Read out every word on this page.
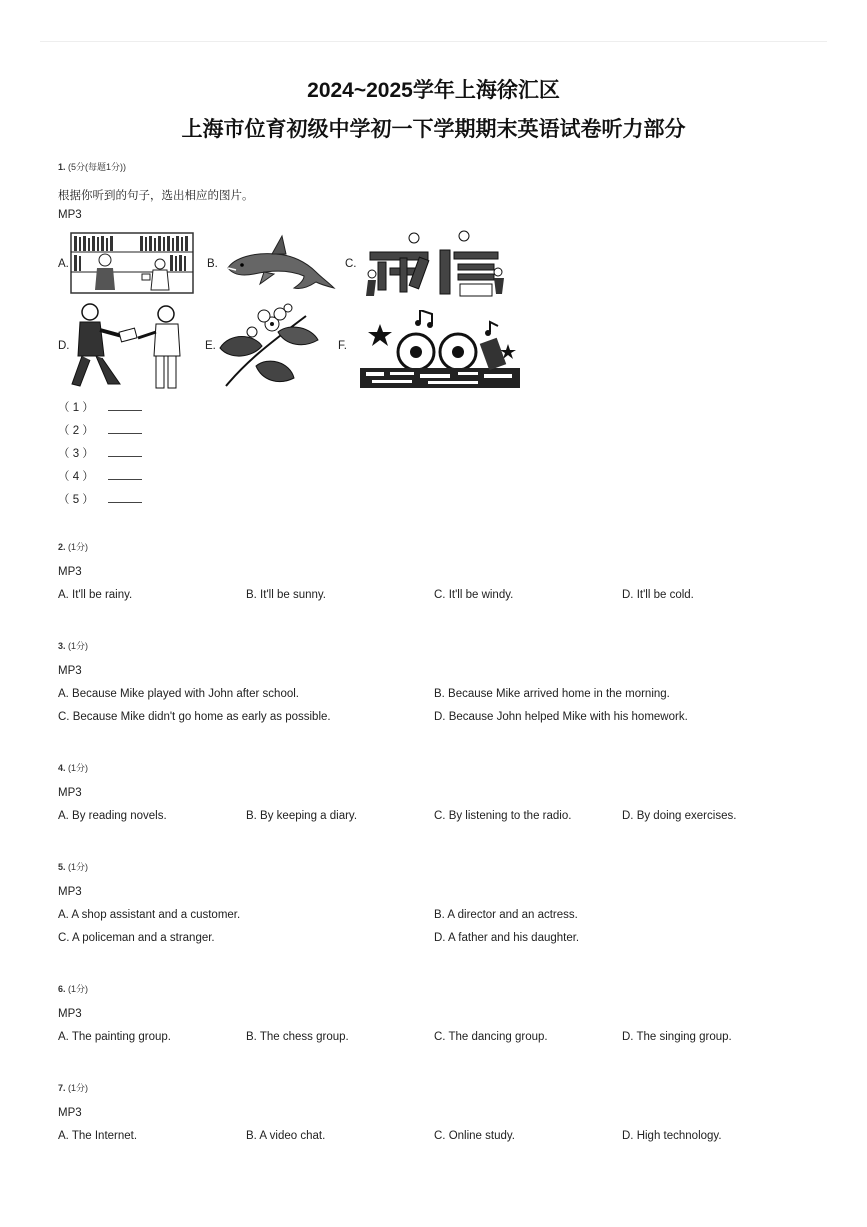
2024~2025学年上海徐汇区
上海市位育初级中学初一下学期期末英语试卷听力部分
1. (5分(每题1分))
根据你听到的句子，选出相应的图片。
MP3
A.	B.	C.
D.	E.	F.
（ 1 ）
（ 2 ）
（ 3 ）
（ 4 ）
（ 5 ）
2. (1分)
MP3
A. It'll be rainy.	B. It'll be sunny.	C. It'll be windy.	D. It'll be cold.
3. (1分)
MP3
A. Because Mike played with John after school.	B. Because Mike arrived home in the morning.
C. Because Mike didn't go home as early as possible.	D. Because John helped Mike with his homework.
4. (1分)
MP3
A. By reading novels.	B. By keeping a diary.	C. By listening to the radio.	D. By doing exercises.
5. (1分)
MP3
A. A shop assistant and a customer.	B. A director and an actress.
C. A policeman and a stranger.	D. A father and his daughter.
6. (1分)
MP3
A. The painting group.	B. The chess group.	C. The dancing group.	D. The singing group.
7. (1分)
MP3
A. The Internet.	B. A video chat.	C. Online study.	D. High technology.
